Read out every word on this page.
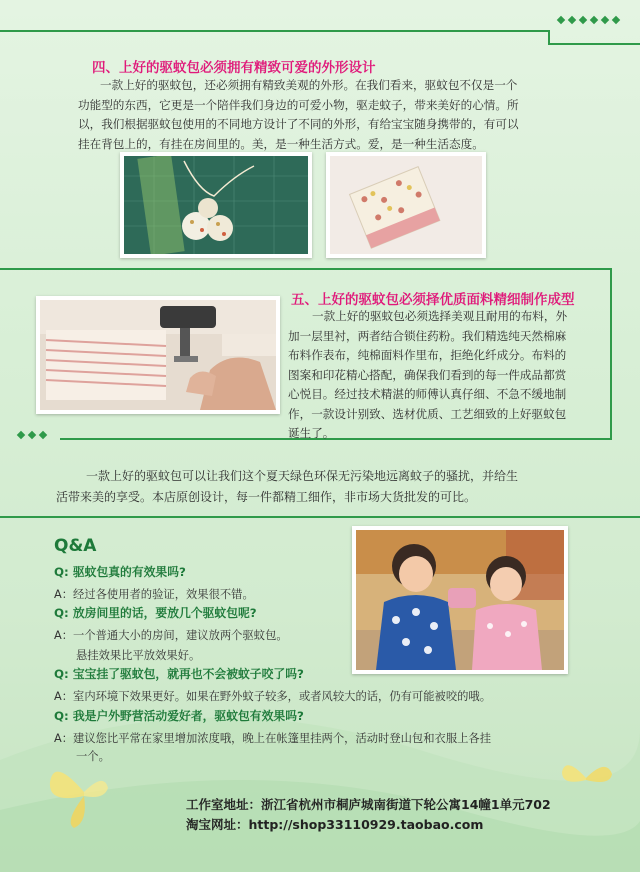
四、上好的驱蚊包必须拥有精致可爱的外形设计
一款上好的驱蚊包，还必须拥有精致美观的外形。在我们看来，驱蚊包不仅是一个
功能型的东西，它更是一个陪伴我们身边的可爱小物，驱走蚊子，带来美好的心情。所
以，我们根据驱蚊包使用的不同地方设计了不同的外形，有给宝宝随身携带的，有可以
挂在背包上的，有挂在房间里的。美，是一种生活方式。爱，是一种生活态度。
五、上好的驱蚊包必须择优质面料精细制作成型
一款上好的驱蚊包必须选择美观且耐用的布料，外
加一层里衬，两者结合锁住药粉。我们精选纯天然棉麻
布料作表布，纯棉面料作里布，拒绝化纤成分。布料的
图案和印花精心搭配，确保我们看到的每一件成品都赏
心悦目。经过技术精湛的师傅认真仔细、不急不缓地制
作，一款设计别致、选材优质、工艺细致的上好驱蚊包
诞生了。
一款上好的驱蚊包可以让我们这个夏天绿色环保无污染地远离蚊子的骚扰，并给生
活带来美的享受。本店原创设计，每一件都精工细作，非市场大货批发的可比。
Q&A
Q: 驱蚊包真的有效果吗?
A：经过各使用者的验证，效果很不错。
Q: 放房间里的话，要放几个驱蚊包呢?
A：一个普通大小的房间，建议放两个驱蚊包。
悬挂效果比平放效果好。
Q: 宝宝挂了驱蚊包，就再也不会被蚊子咬了吗?
A：室内环境下效果更好。如果在野外蚊子较多，或者风较大的话，仍有可能被咬的哦。
Q: 我是户外野营活动爱好者，驱蚊包有效果吗?
A：建议您比平常在家里增加浓度哦，晚上在帐篷里挂两个，活动时登山包和衣服上各挂
一个。
工作室地址：浙江省杭州市桐庐城南街道下轮公寓14幢1单元702
淘宝网址：http://shop33110929.taobao.com
